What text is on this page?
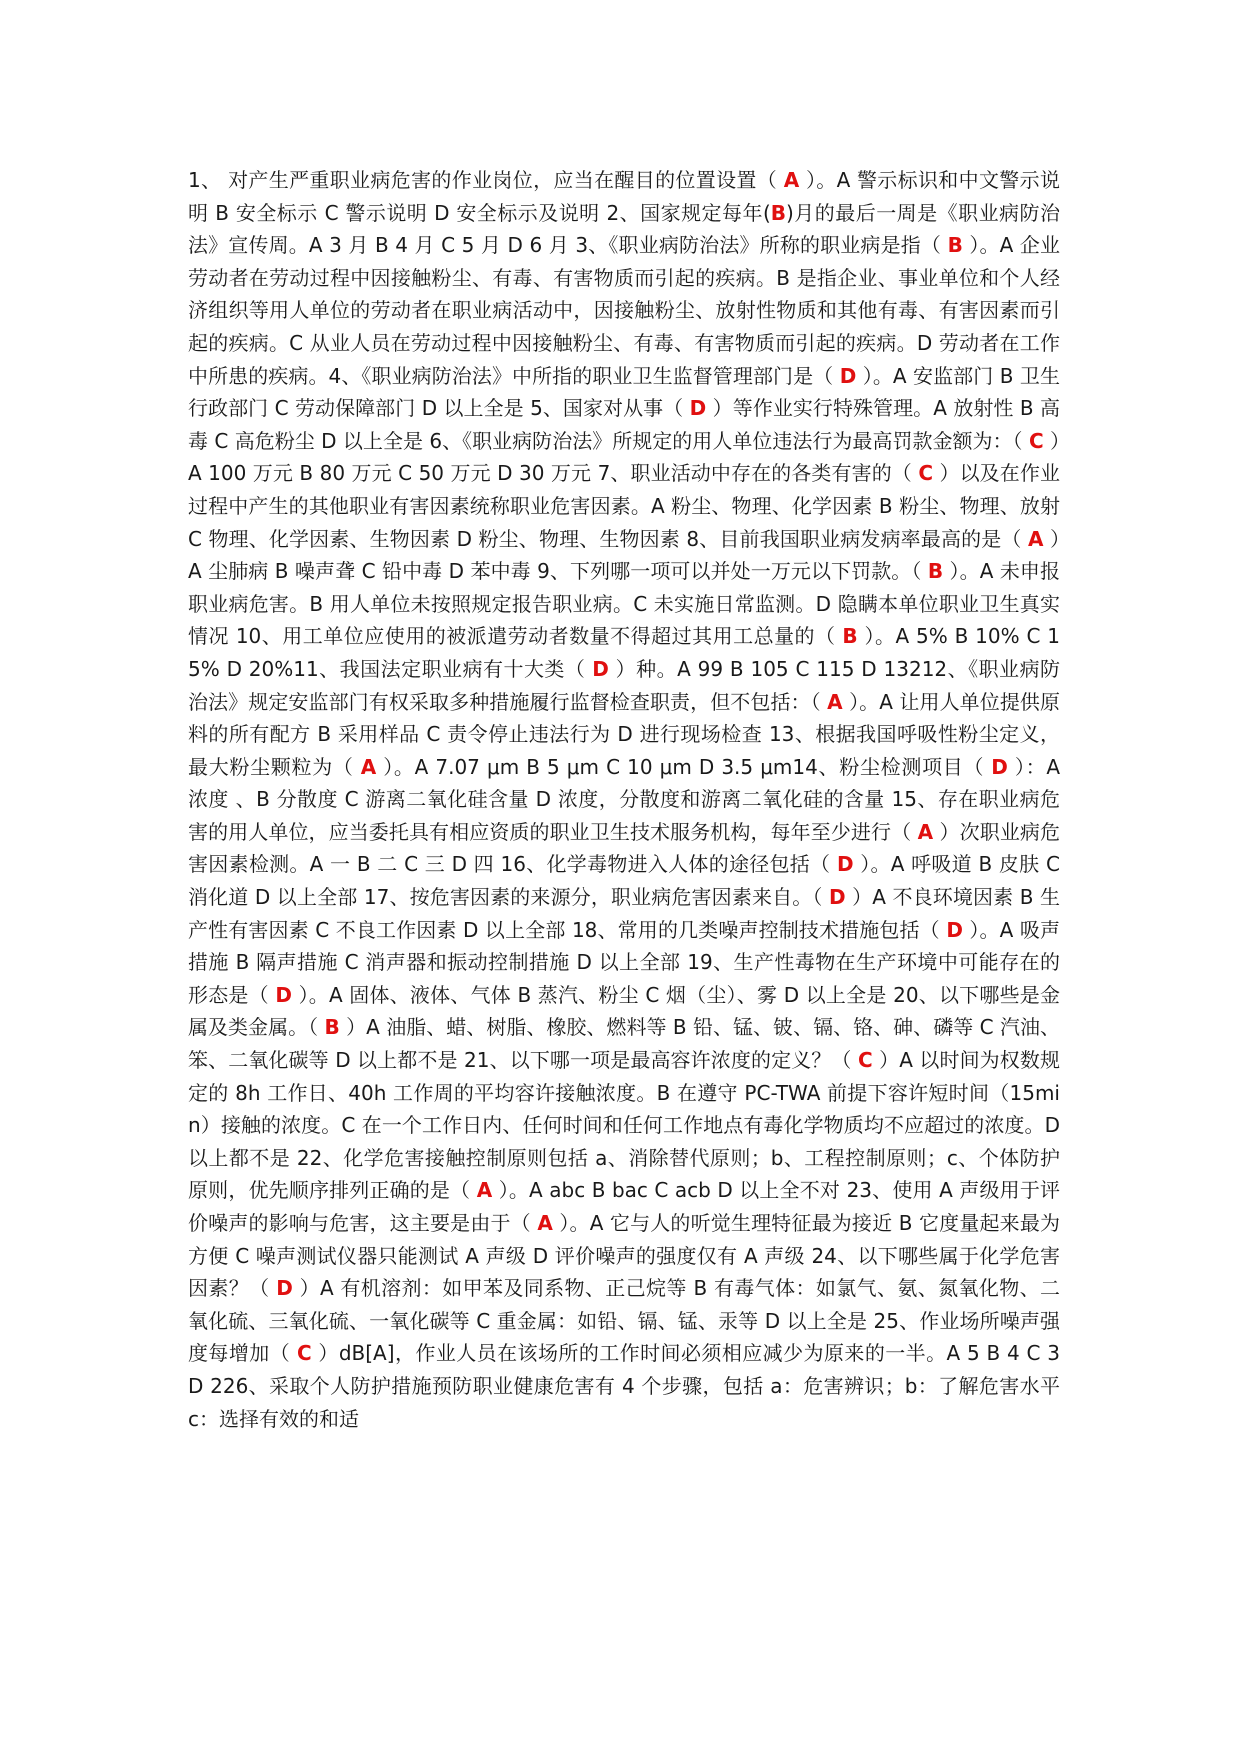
1、 对产生严重职业病危害的作业岗位，应当在醒目的位置设置（ A ）。A 警示标识和中文警示说明 B 安全标示 C 警示说明 D 安全标示及说明 2、国家规定每年(B)月的最后一周是《职业病防治法》宣传周。A 3 月 B 4 月 C 5 月 D 6 月 3、《职业病防治法》所称的职业病是指（ B ）。A 企业劳动者在劳动过程中因接触粉尘、有毒、有害物质而引起的疾病。B 是指企业、事业单位和个人经济组织等用人单位的劳动者在职业病活动中，因接触粉尘、放射性物质和其他有毒、有害因素而引起的疾病。C 从业人员在劳动过程中因接触粉尘、有毒、有害物质而引起的疾病。D 劳动者在工作中所患的疾病。4、《职业病防治法》中所指的职业卫生监督管理部门是（ D ）。A 安监部门 B 卫生行政部门 C 劳动保障部门 D 以上全是 5、国家对从事（ D ）等作业实行特殊管理。A 放射性 B 高毒 C 高危粉尘 D 以上全是 6、《职业病防治法》所规定的用人单位违法行为最高罚款金额为：（ C ）A 100 万元 B 80 万元 C 50 万元 D 30 万元 7、职业活动中存在的各类有害的（ C ）以及在作业过程中产生的其他职业有害因素统称职业危害因素。A 粉尘、物理、化学因素 B 粉尘、物理、放射 C 物理、化学因素、生物因素 D 粉尘、物理、生物因素 8、目前我国职业病发病率最高的是（ A ）A 尘肺病 B 噪声聋 C 铅中毒 D 苯中毒 9、下列哪一项可以并处一万元以下罚款。（ B ）。A 未申报职业病危害。B 用人单位未按照规定报告职业病。C 未实施日常监测。D 隐瞒本单位职业卫生真实情况 10、用工单位应使用的被派遣劳动者数量不得超过其用工总量的（ B ）。A 5% B 10% C 15% D 20%11、我国法定职业病有十大类（ D ）种。A 99 B 105 C 115 D 13212、《职业病防治法》规定安监部门有权采取多种措施履行监督检查职责，但不包括：（ A ）。A 让用人单位提供原料的所有配方 B 采用样品 C 责令停止违法行为 D 进行现场检查 13、根据我国呼吸性粉尘定义，最大粉尘颗粒为（ A ）。A 7.07 μm B 5 μm C 10 μm D 3.5 μm14、粉尘检测项目（ D ）：A 浓度 、B 分散度 C 游离二氧化硅含量 D 浓度，分散度和游离二氧化硅的含量 15、存在职业病危害的用人单位，应当委托具有相应资质的职业卫生技术服务机构，每年至少进行（ A ）次职业病危害因素检测。A 一 B 二 C 三 D 四 16、化学毒物进入人体的途径包括（ D ）。A 呼吸道 B 皮肤 C 消化道 D 以上全部 17、按危害因素的来源分，职业病危害因素来自。（ D ）A 不良环境因素 B 生产性有害因素 C 不良工作因素 D 以上全部 18、常用的几类噪声控制技术措施包括（ D ）。A 吸声措施 B 隔声措施 C 消声器和振动控制措施 D 以上全部 19、生产性毒物在生产环境中可能存在的形态是（ D ）。A 固体、液体、气体 B 蒸汽、粉尘 C 烟（尘）、雾 D 以上全是 20、以下哪些是金属及类金属。（ B ）A 油脂、蜡、树脂、橡胶、燃料等 B 铅、锰、铍、镉、铬、砷、磷等 C 汽油、笨、二氧化碳等 D 以上都不是 21、以下哪一项是最高容许浓度的定义？（ C ）A 以时间为权数规定的 8h 工作日、40h 工作周的平均容许接触浓度。B 在遵守 PC-TWA 前提下容许短时间（15min）接触的浓度。C 在一个工作日内、任何时间和任何工作地点有毒化学物质均不应超过的浓度。D 以上都不是 22、化学危害接触控制原则包括 a、消除替代原则；b、工程控制原则；c、个体防护原则，优先顺序排列正确的是（ A ）。A abc B bac C acb D 以上全不对 23、使用 A 声级用于评价噪声的影响与危害，这主要是由于（ A ）。A 它与人的听觉生理特征最为接近 B 它度量起来最为方便 C 噪声测试仪器只能测试 A 声级 D 评价噪声的强度仅有 A 声级 24、以下哪些属于化学危害因素？（ D ）A 有机溶剂：如甲苯及同系物、正己烷等 B 有毒气体：如氯气、氨、氮氧化物、二氧化硫、三氧化硫、一氧化碳等 C 重金属：如铅、镉、锰、汞等 D 以上全是 25、作业场所噪声强度每增加（ C ）dB[A]，作业人员在该场所的工作时间必须相应减少为原来的一半。A 5 B 4 C 3 D 226、采取个人防护措施预防职业健康危害有 4 个步骤，包括 a：危害辨识；b：了解危害水平 c：选择有效的和适
